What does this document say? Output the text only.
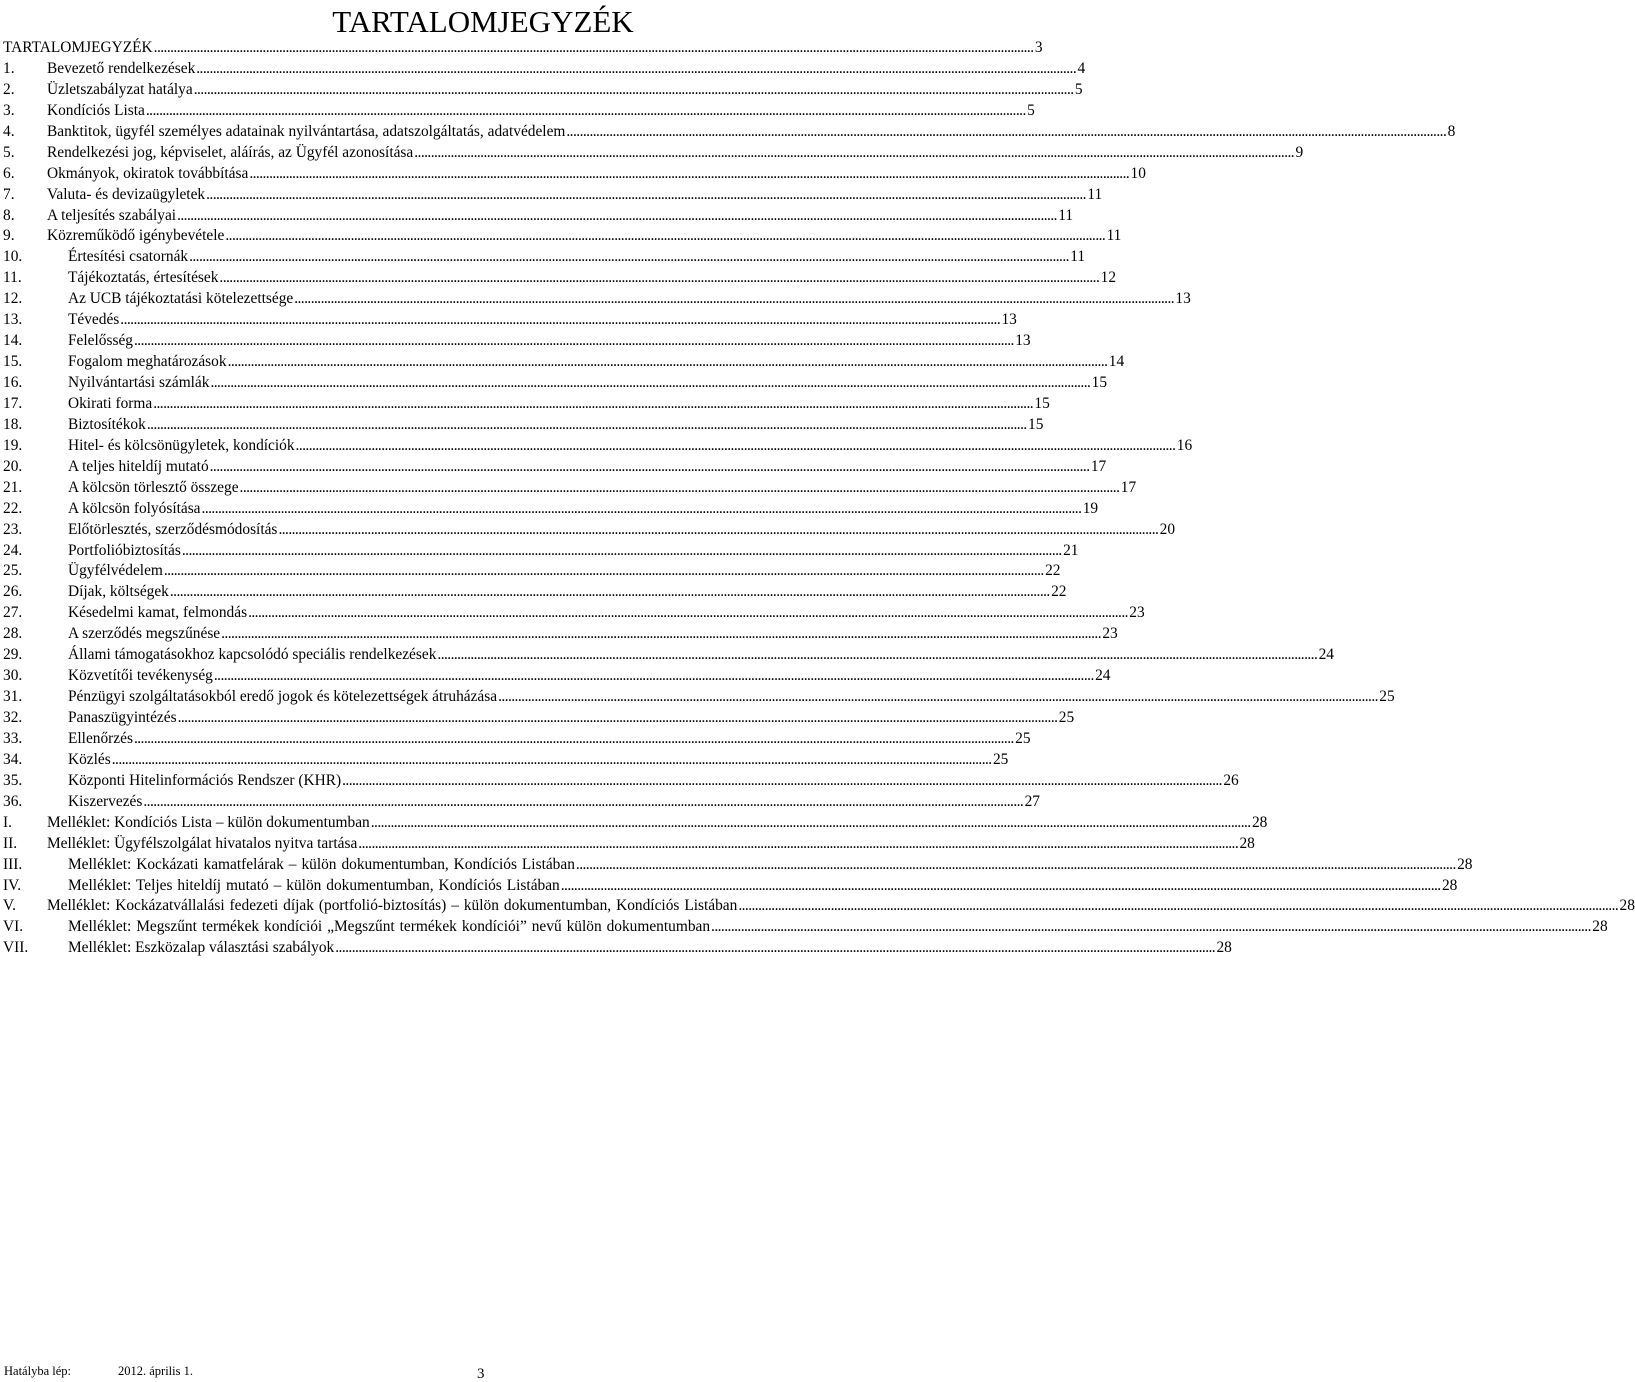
TARTALOMJEGYZÉK
TARTALOMJEGYZÉK . . .	3
1. Bevezető rendelkezések . . .	4
2. Üzletszabályzat hatálya . . .	5
3. Kondíciós Lista . . .	5
4. Banktitok, ügyfél személyes adatainak nyilvántartása, adatszolgáltatás, adatvédelem . . .	8
5. Rendelkezési jog, képviselet, aláírás, az Ügyfél azonosítása . . .	9
6. Okmányok, okiratok továbbítása . . .	10
7. Valuta- és devizaügyletek . . .	11
8. A teljesítés szabályai . . .	11
9. Közreműködő igénybevétele . . .	11
10.	Értesítési csatornák . . .	11
11.	Tájékoztatás, értesítések . . .	12
12.	Az UCB tájékoztatási kötelezettsége . . .	13
13.	Tévedés . . .	13
14.	Felelősség . . .	13
15.	Fogalom meghatározások . . .	14
16.	Nyilvántartási számlák . . .	15
17.	Okirati forma . . .	15
18.	Biztosítékok . . .	15
19.	Hitel- és kölcsönügyletek, kondíciók . . .	16
20.	A teljes hiteldíj mutató . . .	17
21.	A kölcsön törlesztő összege . . .	17
22.	A kölcsön folyósítása . . .	19
23.	Előtörlesztés, szerződésmódosítás . . .	20
24.	Portfolióbiztosítás . . .	21
25.	Ügyfélvédelem . . .	22
26.	Díjak, költségek . . .	22
27.	Késedelmi kamat, felmondás . . .	23
28.	A szerződés megszűnése . . .	23
29.	Állami támogatásokhoz kapcsolódó speciális rendelkezések . . .	24
30.	Közvetítői tevékenység . . .	24
31.	Pénzügyi szolgáltatásokból eredő jogok és kötelezettségek átruházása . . .	25
32.	Panaszügyintézés . . .	25
33.	Ellenőrzés . . .	25
34.	Közlés . . .	25
35.	Központi Hitelinformációs Rendszer (KHR) . . .	26
36.	Kiszervezés . . .	27
I. Melléklet: Kondíciós Lista – külön dokumentumban . . .	28
II. Melléklet: Ügyfélszolgálat hivatalos nyitva tartása . . .	28
III.	Melléklet: Kockázati kamatfelárak – külön dokumentumban, Kondíciós Listában . . .	28
IV.	Melléklet: Teljes hiteldíj mutató – külön dokumentumban, Kondíciós Listában . . .	28
V. Melléklet: Kockázatvállalási fedezeti díjak (portfolió-biztosítás) – külön dokumentumban, Kondíciós Listában . . .	28
VI.	Melléklet: Megszűnt termékek kondíciói „Megszűnt termékek kondíciói” nevű külön dokumentumban . . .	28
VII.	Melléklet: Eszközalap választási szabályok . . .	28
Hatályba lép:	2012. április 1.	3
